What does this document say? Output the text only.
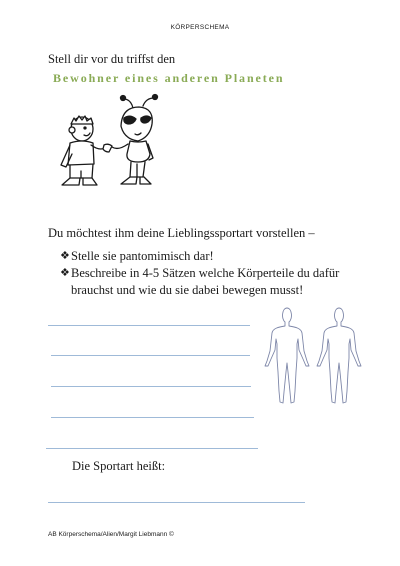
KÖRPERSCHEMA
Stell dir vor du triffst den
Bewohner eines anderen Planeten
Du möchtest ihm deine Lieblingssportart vorstellen –
❖ Stelle sie pantomimisch dar!
❖ Beschreibe in 4-5 Sätzen welche Körperteile du dafür brauchst und wie du sie dabei bewegen musst!
Die Sportart heißt:
AB Körperschema/Alien/Margit Liebmann ©
